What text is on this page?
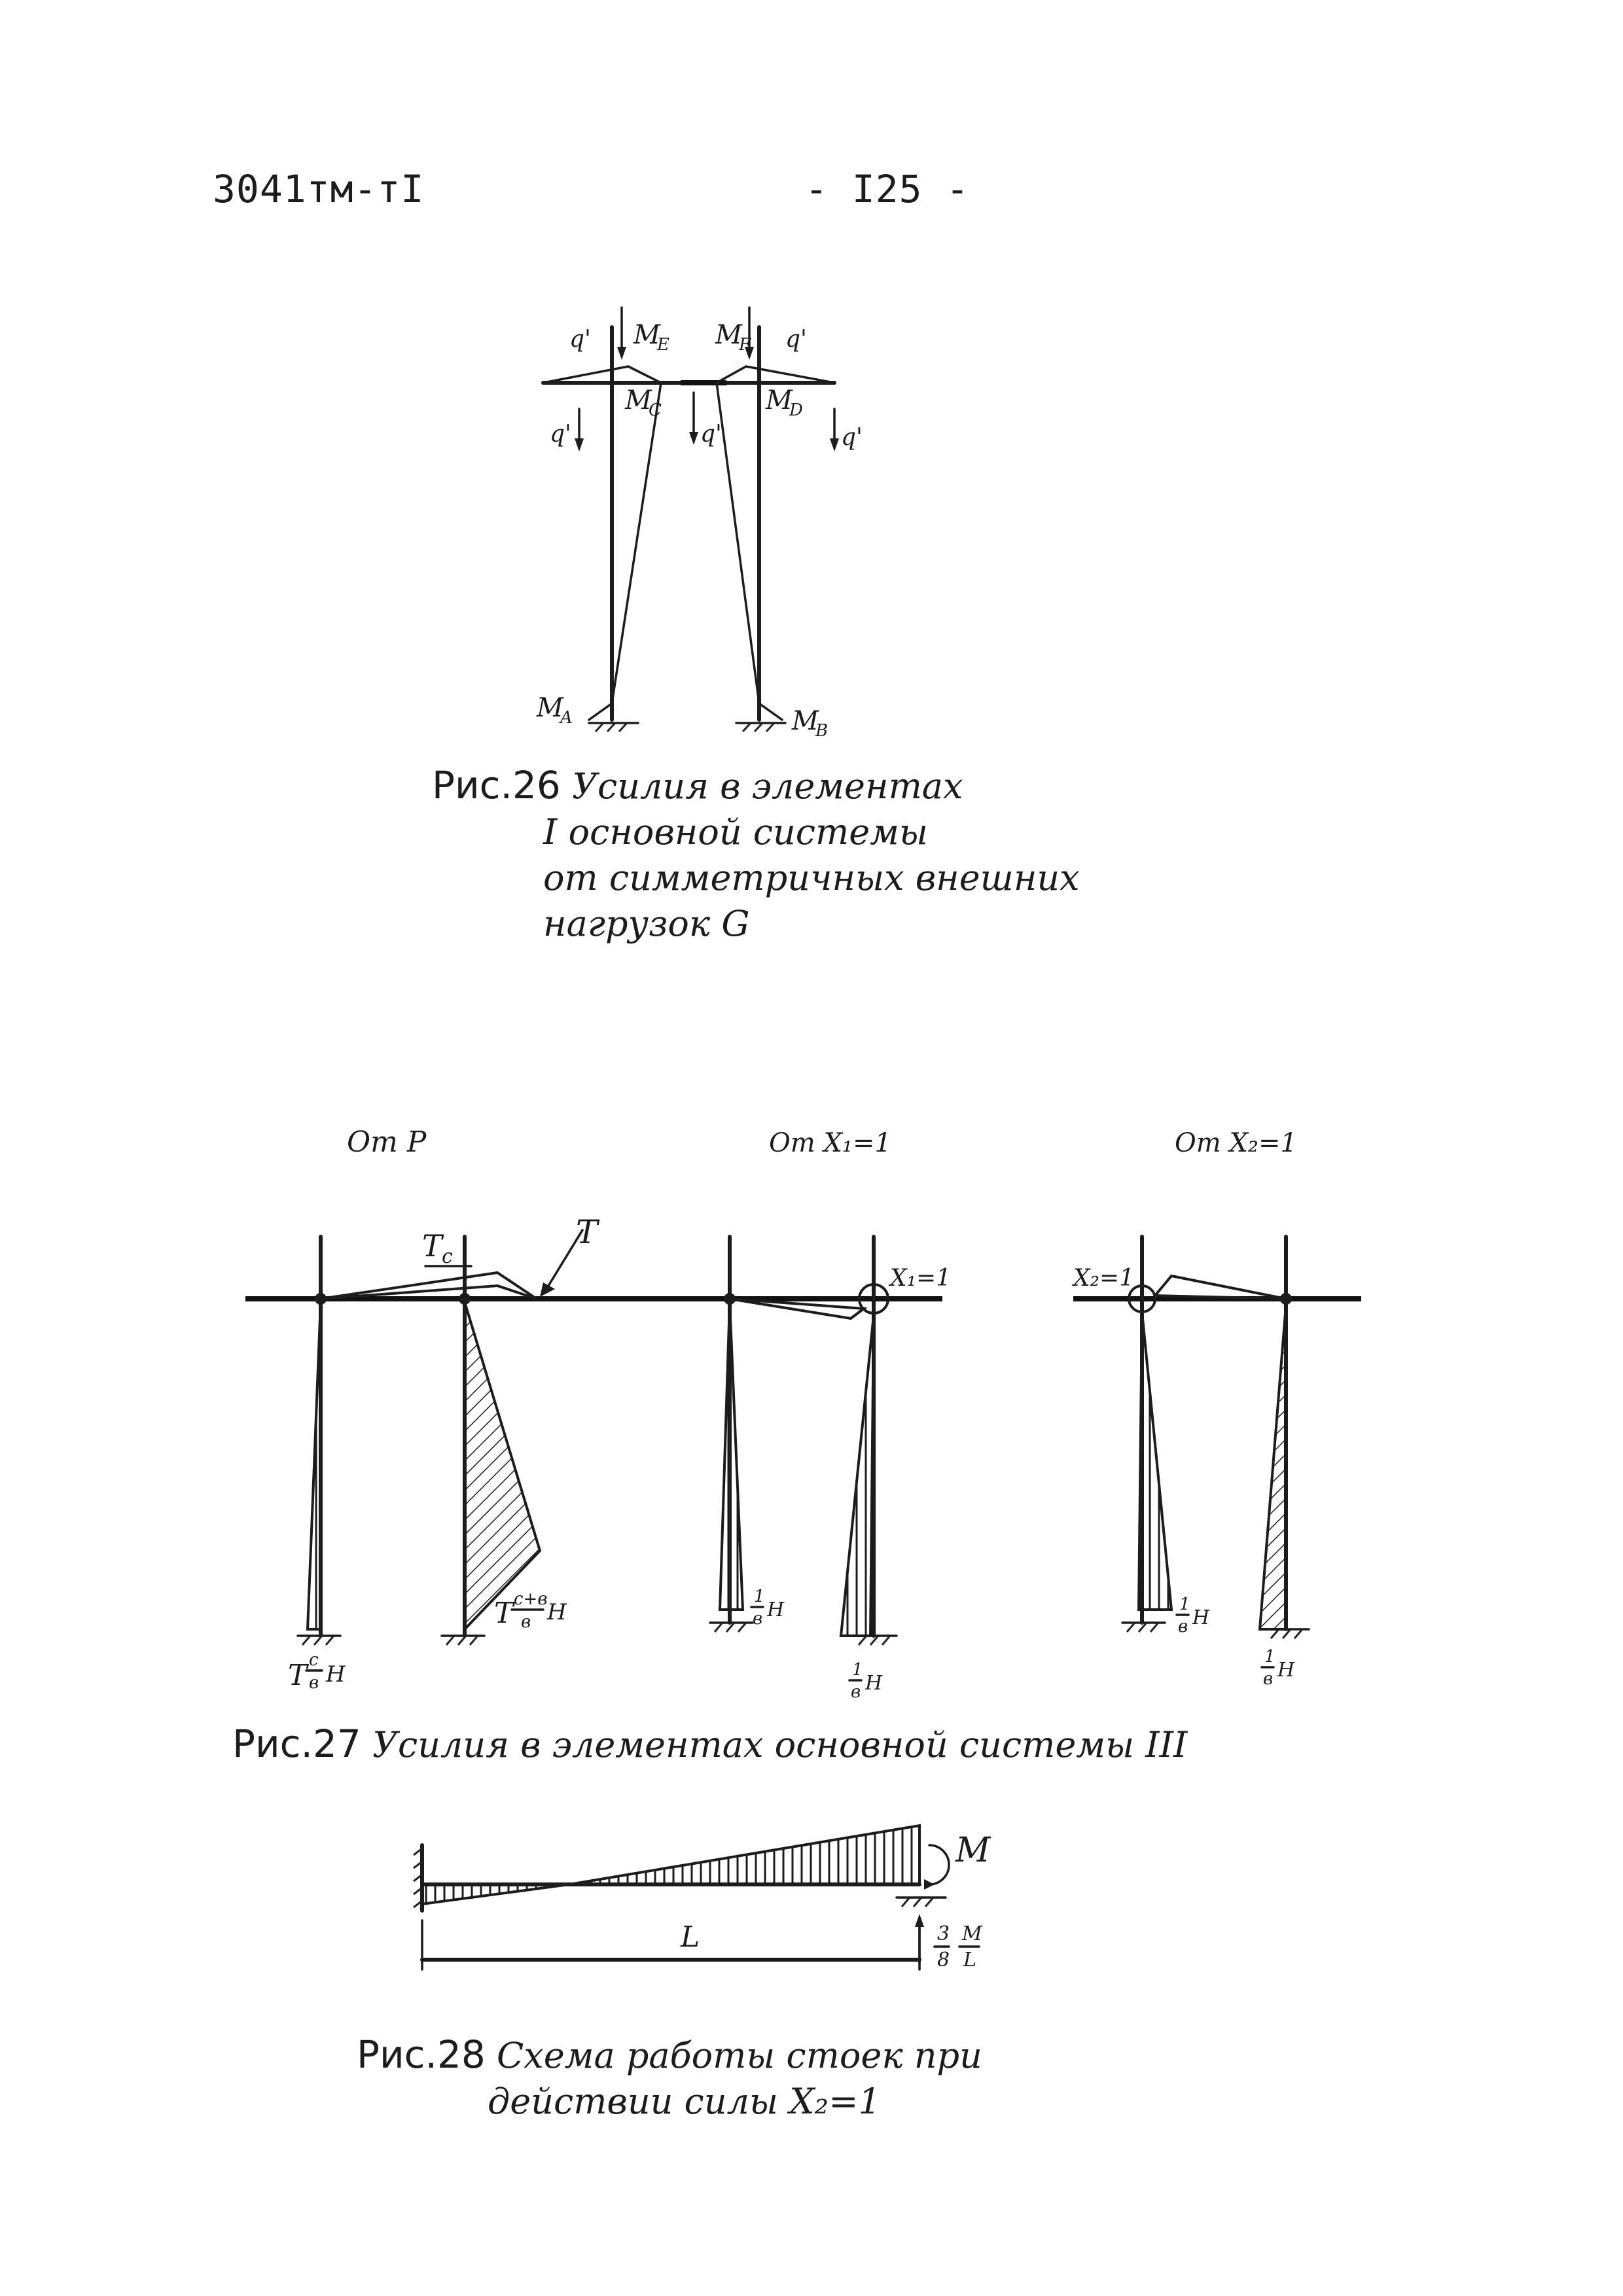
3041тм-тI	- I25 -
q'	q'
q'	q'	q'
M
E M
F
M
C	M
D
M
A	M
B
От P	От X₁=1	От X₂=1
T c
T
T c
в H
T c+в
в H
X₁=1
1
в H
1
в H
X₂=1
1
в H
1
в H
M
L	3
8
M
L
Рис.26 Усилия в элементах
I основной системы
от симметричных внешних
нагрузок G
Рис.27 Усилия в элементах основной системы III
Рис.28 Схема работы стоек при
действии силы X₂=1
